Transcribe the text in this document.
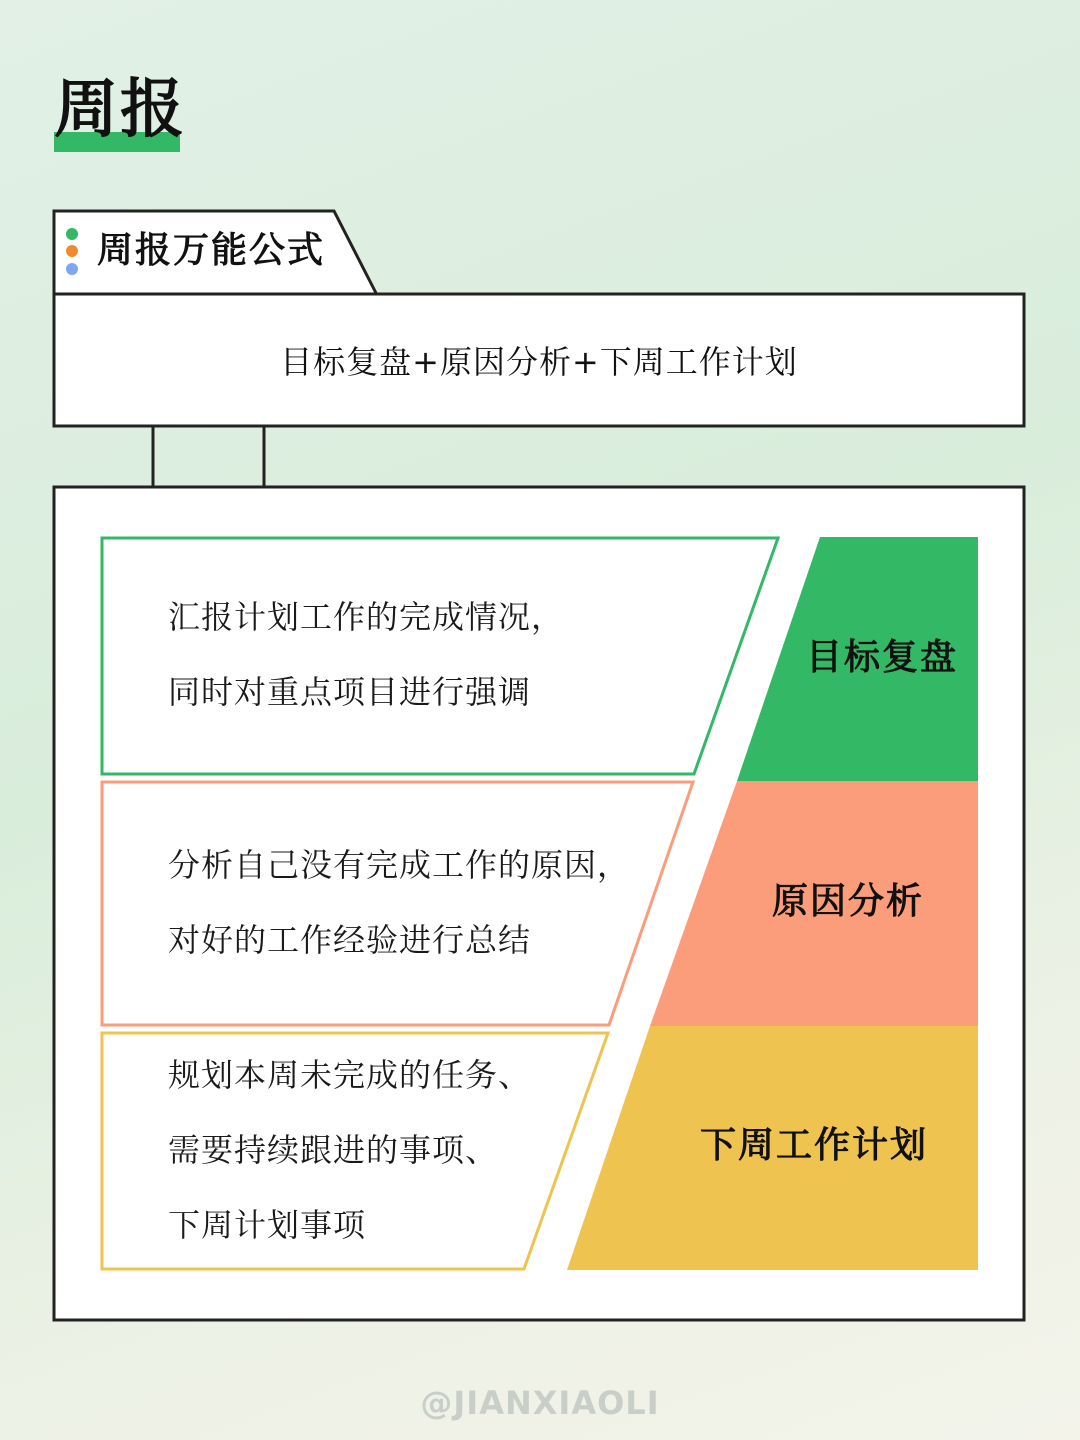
周报
周报万能公式
目标复盘+原因分析+下周工作计划
汇报计划工作的完成情况，
同时对重点项目进行强调
分析自己没有完成工作的原因，
对好的工作经验进行总结
规划本周未完成的任务、
需要持续跟进的事项、
下周计划事项
目标复盘
原因分析
下周工作计划
@JIANXIAOLI
